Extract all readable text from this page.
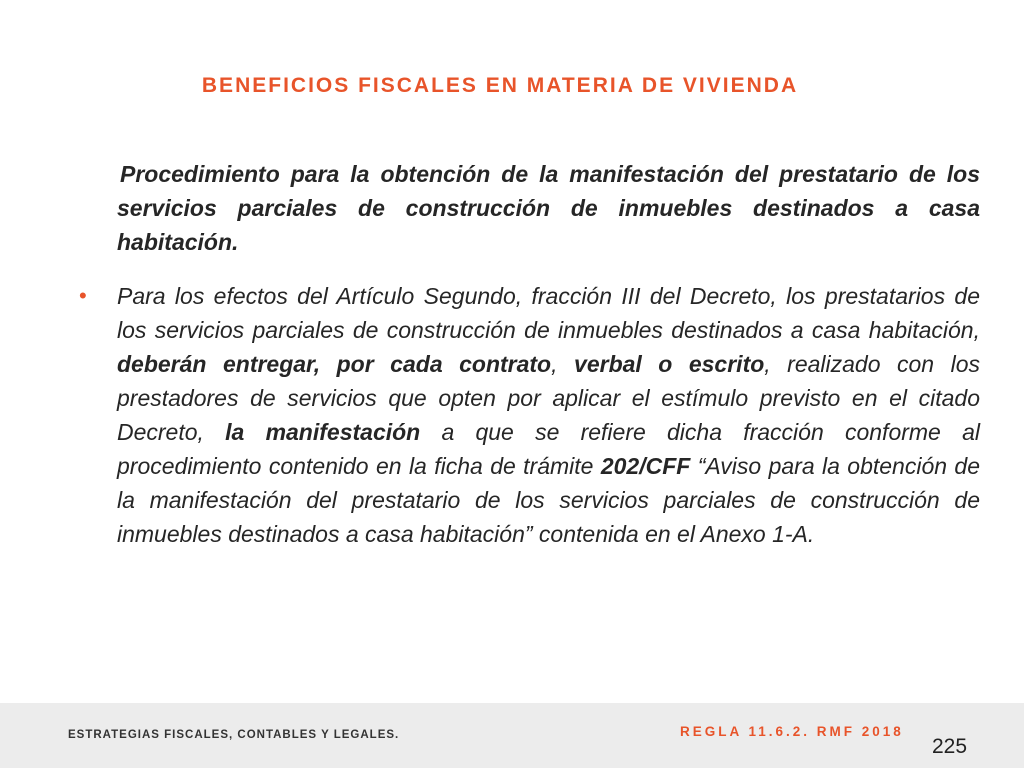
BENEFICIOS FISCALES EN MATERIA DE VIVIENDA

Procedimiento para la obtención de la manifestación del prestatario de los servicios parciales de construcción de inmuebles destinados a casa habitación.

• Para los efectos del Artículo Segundo, fracción III del Decreto, los prestatarios de los servicios parciales de construcción de inmuebles destinados a casa habitación, deberán entregar, por cada contrato, verbal o escrito, realizado con los prestadores de servicios que opten por aplicar el estímulo previsto en el citado Decreto, la manifestación a que se refiere dicha fracción conforme al procedimiento contenido en la ficha de trámite 202/CFF “Aviso para la obtención de la manifestación del prestatario de los servicios parciales de construcción de inmuebles destinados a casa habitación” contenida en el Anexo 1-A.

ESTRATEGIAS FISCALES, CONTABLES Y LEGALES.	REGLA 11.6.2. RMF 2018
225
